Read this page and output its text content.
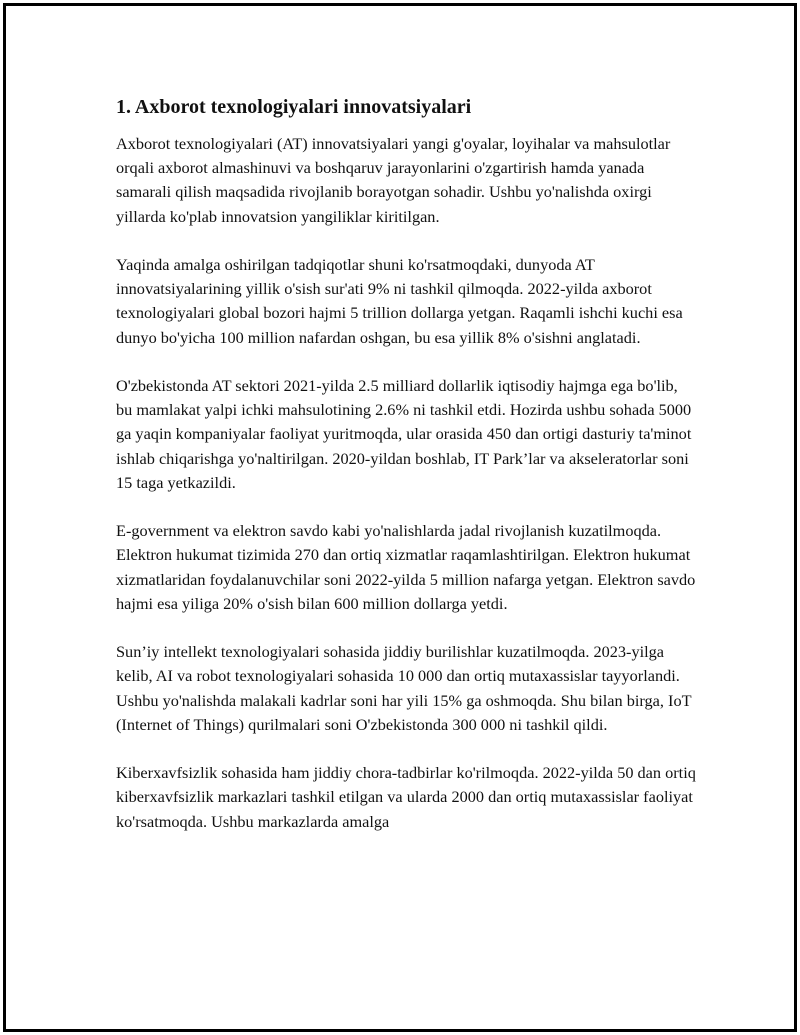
1. Axborot texnologiyalari innovatsiyalari

Axborot texnologiyalari (AT) innovatsiyalari yangi g'oyalar, loyihalar va mahsulotlar orqali axborot almashinuvi va boshqaruv jarayonlarini o'zgartirish hamda yanada samarali qilish maqsadida rivojlanib borayotgan sohadir. Ushbu yo'nalishda oxirgi yillarda ko'plab innovatsion yangiliklar kiritilgan.

Yaqinda amalga oshirilgan tadqiqotlar shuni ko'rsatmoqdaki, dunyoda AT innovatsiyalarining yillik o'sish sur'ati 9% ni tashkil qilmoqda. 2022-yilda axborot texnologiyalari global bozori hajmi 5 trillion dollarga yetgan. Raqamli ishchi kuchi esa dunyo bo'yicha 100 million nafardan oshgan, bu esa yillik 8% o'sishni anglatadi.

O'zbekistonda AT sektori 2021-yilda 2.5 milliard dollarlik iqtisodiy hajmga ega bo'lib, bu mamlakat yalpi ichki mahsulotining 2.6% ni tashkil etdi. Hozirda ushbu sohada 5000 ga yaqin kompaniyalar faoliyat yuritmoqda, ular orasida 450 dan ortigi dasturiy ta'minot ishlab chiqarishga yo'naltirilgan. 2020-yildan boshlab, IT Park’lar va akseleratorlar soni 15 taga yetkazildi.

E-government va elektron savdo kabi yo'nalishlarda jadal rivojlanish kuzatilmoqda. Elektron hukumat tizimida 270 dan ortiq xizmatlar raqamlashtirilgan. Elektron hukumat xizmatlaridan foydalanuvchilar soni 2022-yilda 5 million nafarga yetgan. Elektron savdo hajmi esa yiliga 20% o'sish bilan 600 million dollarga yetdi.

Sun’iy intellekt texnologiyalari sohasida jiddiy burilishlar kuzatilmoqda. 2023-yilga kelib, AI va robot texnologiyalari sohasida 10 000 dan ortiq mutaxassislar tayyorlandi. Ushbu yo'nalishda malakali kadrlar soni har yili 15% ga oshmoqda. Shu bilan birga, IoT (Internet of Things) qurilmalari soni O'zbekistonda 300 000 ni tashkil qildi.

Kiberxavfsizlik sohasida ham jiddiy chora-tadbirlar ko'rilmoqda. 2022-yilda 50 dan ortiq kiberxavfsizlik markazlari tashkil etilgan va ularda 2000 dan ortiq mutaxassislar faoliyat ko'rsatmoqda. Ushbu markazlarda amalga
